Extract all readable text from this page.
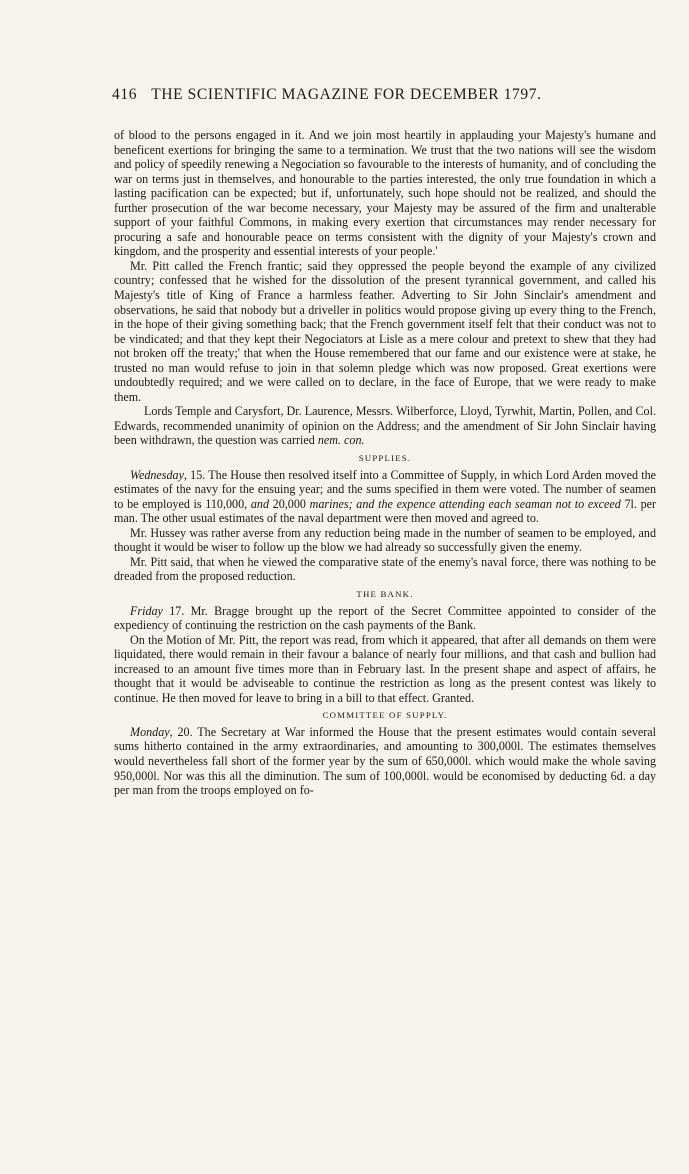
416 THE SCIENTIFIC MAGAZINE FOR DECEMBER 1797.

of blood to the persons engaged in it. And we join most heartily in applauding your Majesty's humane and beneficent exertions for bringing the same to a termination. We trust that the two nations will see the wisdom and policy of speedily renewing a Negociation so favourable to the interests of humanity, and of concluding the war on terms just in themselves, and honourable to the parties interested, the only true foundation in which a lasting pacification can be expected; but if, unfortunately, such hope should not be realized, and should the further prosecution of the war become necessary, your Majesty may be assured of the firm and unalterable support of your faithful Commons, in making every exertion that circumstances may render necessary for procuring a safe and honourable peace on terms consistent with the dignity of your Majesty's crown and kingdom, and the prosperity and essential interests of your people.'

Mr. Pitt called the French frantic; said they oppressed the people beyond the example of any civilized country; confessed that he wished for the dissolution of the present tyrannical government, and called his Majesty's title of King of France a harmless feather. Adverting to Sir John Sinclair's amendment and observations, he said that nobody but a driveller in politics would propose giving up every thing to the French, in the hope of their giving something back; that the French government itself felt that their conduct was not to be vindicated; and that they kept their Negociators at Lisle as a mere colour and pretext to shew that they had not broken off the treaty;' that when the House remembered that our fame and our existence were at stake, he trusted no man would refuse to join in that solemn pledge which was now proposed. Great exertions were undoubtedly required; and we were called on to declare, in the face of Europe, that we were ready to make them.

Lords Temple and Carysfort, Dr. Laurence, Messrs. Wilberforce, Lloyd, Tyrwhit, Martin, Pollen, and Col. Edwards, recommended unanimity of opinion on the Address; and the amendment of Sir John Sinclair having been withdrawn, the question was carried nem. con.

SUPPLIES.

Wednesday, 15. The House then resolved itself into a Committee of Supply, in which Lord Arden moved the estimates of the navy for the ensuing year; and the sums specified in them were voted. The number of seamen to be employed is 110,000, and 20,000 marines; and the expence attending each seaman not to exceed 7l. per man. The other usual estimates of the naval department were then moved and agreed to.

Mr. Hussey was rather averse from any reduction being made in the number of seamen to be employed, and thought it would be wiser to follow up the blow we had already so successfully given the enemy.

Mr. Pitt said, that when he viewed the comparative state of the enemy's naval force, there was nothing to be dreaded from the proposed reduction.

THE BANK.

Friday 17. Mr. Bragge brought up the report of the Secret Committee appointed to consider of the expediency of continuing the restriction on the cash payments of the Bank.

On the Motion of Mr. Pitt, the report was read, from which it appeared, that after all demands on them were liquidated, there would remain in their favour a balance of nearly four millions, and that cash and bullion had increased to an amount five times more than in February last. In the present shape and aspect of affairs, he thought that it would be adviseable to continue the restriction as long as the present contest was likely to continue. He then moved for leave to bring in a bill to that effect. Granted.

COMMITTEE OF SUPPLY.

Monday, 20. The Secretary at War informed the House that the present estimates would contain several sums hitherto contained in the army extraordinaries, and amounting to 300,000l. The estimates themselves would nevertheless fall short of the former year by the sum of 650,000l. which would make the whole saving 950,000l. Nor was this all the diminution. The sum of 100,000l. would be economised by deducting 6d. a day per man from the troops employed on fo-
